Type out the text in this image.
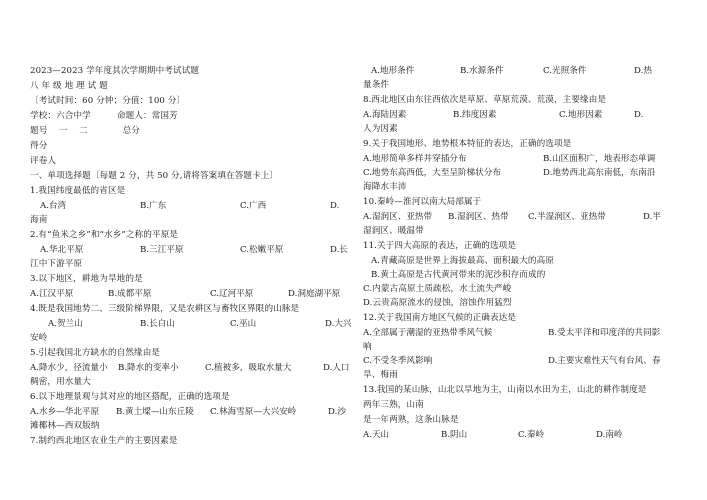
2023—2023 学年度其次学期期中考试试题
八 年 级 地 理 试 题
〔考试时间：60 分钟；分值：100 分〕
学校：六合中学　　　命题人：常国芳
题号　 一　 二　　　　总分
得分
评卷人
一、单项选择题〔每题 2 分，共 50 分,请将答案填在答题卡上〕
1.我国纬度最低的省区是
A.台湾	B.广东	C.广西	D.
海南
2.有“鱼米之乡”和“水乡”之称的平原是
A.华北平原	B.三江平原	C.松嫩平原	D.长
江中下游平原
3.以下地区，耕地为旱地的是
A.江汉平原	B.成都平原	C.辽河平原	D.洞庭湖平原
4.既是我国地势二、三级阶梯界限，又是农耕区与畜牧区界限的山脉是
A.贺兰山	B.长白山	C.巫山	D.大兴
安岭
5.引起我国北方缺水的自然缘由是
A.降水少，径流量小 B.降水的变率小	C.植被多，吸取水量大	D.人口
稠密，用水量大
6.以下地理景观与其对应的地区搭配，正确的选项是
A.水乡—华北平原 B.黄土墚—山东丘陵 C.林海雪原—大兴安岭	D.沙
滩椰林—西双版纳
7.制约西北地区农业生产的主要因素是
A.地形条件	B.水源条件	C.光照条件	D.热
量条件
8.西北地区由东往西依次是草原、草原荒漠、荒漠，主要缘由是
A.海陆因素	B.纬度因素	C.地形因素	D.
人为因素
9.关于我国地形、地势根本特征的表达，正确的选项是
A.地形简单多样并穿插分布	B.山区面积广，地表形态单调
C.地势东高西低，大至呈阶梯状分布	D.地势西北高东南低，东南沿
海降水丰沛
10.秦岭—淮河以南大局部属于
A.湿润区、亚热带 B.湿润区、热带 C.半湿润区、亚热带	D.半
湿润区、暖温带
11.关于四大高原的表达，正确的选项是
A.青藏高原是世界上海拔最高、面积最大的高原
B.黄土高原是古代黄河带来的泥沙积存而成的
C.内蒙古高原土质疏松，水土流失严峻
D.云贵高原流水的侵蚀，溶蚀作用猛烈
12.关于我国南方地区气候的正确表达是
A.全部属于潮湿的亚热带季风气候	B.受太平洋和印度洋的共同影
响
C.不受冬季风影响	D.主要灾难性天气有台风、春
旱、梅雨
13.我国的某山脉，山北以旱地为主，山南以水田为主，山北的耕作制度是
两年三熟，山南
是一年两熟，这条山脉是
A.天山	B.阴山	C.秦岭	D.南岭
